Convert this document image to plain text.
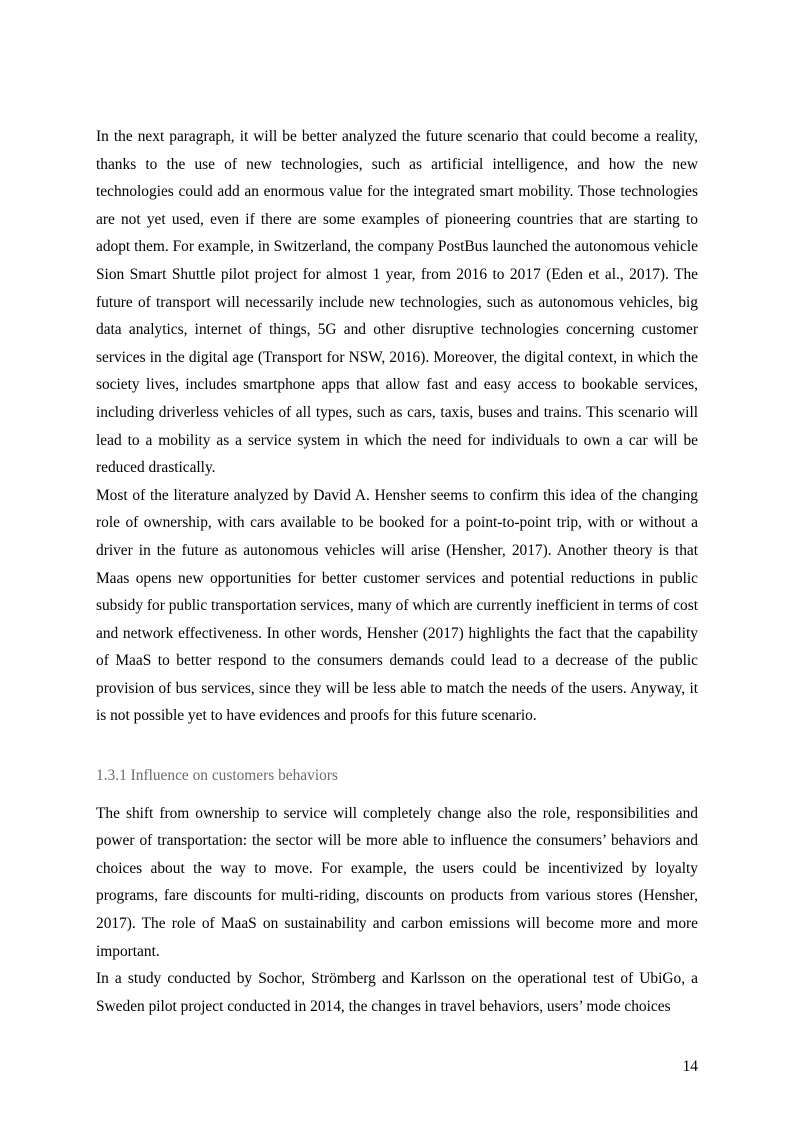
In the next paragraph, it will be better analyzed the future scenario that could become a reality, thanks to the use of new technologies, such as artificial intelligence, and how the new technologies could add an enormous value for the integrated smart mobility. Those technologies are not yet used, even if there are some examples of pioneering countries that are starting to adopt them. For example, in Switzerland, the company PostBus launched the autonomous vehicle Sion Smart Shuttle pilot project for almost 1 year, from 2016 to 2017 (Eden et al., 2017). The future of transport will necessarily include new technologies, such as autonomous vehicles, big data analytics, internet of things, 5G and other disruptive technologies concerning customer services in the digital age (Transport for NSW, 2016). Moreover, the digital context, in which the society lives, includes smartphone apps that allow fast and easy access to bookable services, including driverless vehicles of all types, such as cars, taxis, buses and trains. This scenario will lead to a mobility as a service system in which the need for individuals to own a car will be reduced drastically.

Most of the literature analyzed by David A. Hensher seems to confirm this idea of the changing role of ownership, with cars available to be booked for a point-to-point trip, with or without a driver in the future as autonomous vehicles will arise (Hensher, 2017). Another theory is that Maas opens new opportunities for better customer services and potential reductions in public subsidy for public transportation services, many of which are currently inefficient in terms of cost and network effectiveness. In other words, Hensher (2017) highlights the fact that the capability of MaaS to better respond to the consumers demands could lead to a decrease of the public provision of bus services, since they will be less able to match the needs of the users. Anyway, it is not possible yet to have evidences and proofs for this future scenario.

1.3.1 Influence on customers behaviors

The shift from ownership to service will completely change also the role, responsibilities and power of transportation: the sector will be more able to influence the consumers’ behaviors and choices about the way to move. For example, the users could be incentivized by loyalty programs, fare discounts for multi-riding, discounts on products from various stores (Hensher, 2017). The role of MaaS on sustainability and carbon emissions will become more and more important.

In a study conducted by Sochor, Strömberg and Karlsson on the operational test of UbiGo, a Sweden pilot project conducted in 2014, the changes in travel behaviors, users’ mode choices

14
